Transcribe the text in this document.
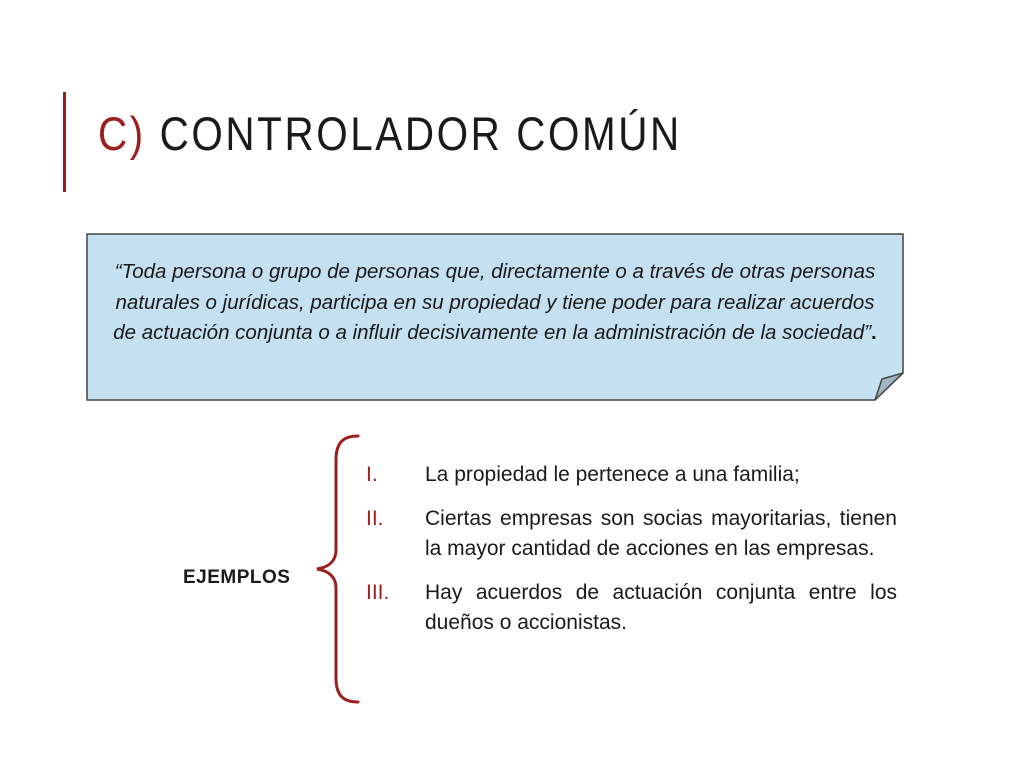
C) CONTROLADOR COMÚN
“Toda persona o grupo de personas que, directamente o a través de otras personas naturales o jurídicas, participa en su propiedad y tiene poder para realizar acuerdos de actuación conjunta o a influir decisivamente en la administración de la sociedad”.
EJEMPLOS
I.	La propiedad le pertenece a una familia;
II.	Ciertas empresas son socias mayoritarias, tienen la mayor cantidad de acciones en las empresas.
III.	Hay acuerdos de actuación conjunta entre los dueños o accionistas.
